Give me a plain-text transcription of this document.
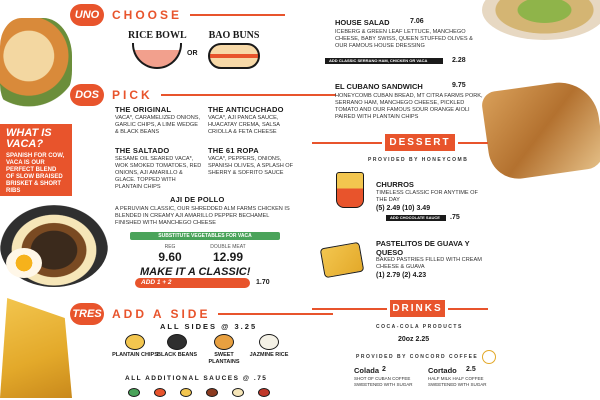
UNO	CHOOSE
RICE BOWL
OR
BAO BUNS
DOS	PICK
WHAT IS VACA?
SPANISH FOR COW, VACA IS OUR PERFECT BLEND OF SLOW BRAISED BRISKET & SHORT RIBS
THE ORIGINAL
VACA*, CARAMELIZED ONIONS, GARLIC CHIPS, A LIME WEDGE & BLACK BEANS
THE ANTICUCHADO
VACA*, AJI PANCA SAUCE, HUACATAY CREMA, SALSA CRIOLLA & FETA CHEESE
THE SALTADO
SESAME OIL SEARED VACA*, WOK SMOKED TOMATOES, RED ONIONS, AJI AMARILLO & GLACE. TOPPED WITH PLANTAIN CHIPS
THE 61 ROPA
VACA*, PEPPERS, ONIONS, SPANISH OLIVES, A SPLASH OF SHERRY & SOFRITO SAUCE
AJI DE POLLO
A PERUVIAN CLASSIC, OUR SHREDDED ALM FARMS CHICKEN IS BLENDED IN CREAMY AJI AMARILLO PEPPER BECHAMEL FINISHED WITH MANCHEGO CHEESE
SUBSTITUTE VEGETABLES FOR VACA
REG
9.60
DOUBLE MEAT
12.99
MAKE IT A CLASSIC!
ADD 1 + 2	1.70
TRES ADD A SIDE
ALL SIDES @ 3.25
PLANTAIN CHIPS BLACK BEANS	SWEET PLANTAINS
JAZMINE RICE
ALL ADDITIONAL SAUCES @ .75
HOUSE SALAD	7.06
ICEBERG & GREEN LEAF LETTUCE, MANCHEGO CHEESE, BABY SWISS, QUEEN STUFFED OLIVES & OUR FAMOUS HOUSE DRESSING
ADD CLASSIC SERRANO HAM, CHICKEN OR VACA	2.28
EL CUBANO SANDWICH	9.75
HONEYCOMB CUBAN BREAD, MT CITRA FARMS PORK, SERRANO HAM, MANCHEGO CHEESE, PICKLED TOMATO AND OUR FAMOUS SOUR ORANGE AIOLI PAIRED WITH PLANTAIN CHIPS
DESSERT
PROVIDED BY HONEYCOMB
CHURROS
TIMELESS CLASSIC FOR ANYTIME OF THE DAY
(5) 2.49 (10) 3.49
ADD CHOCOLATE SAUCE	.75
PASTELITOS DE GUAVA Y QUESO
BAKED PASTRIES FILLED WITH CREAM CHEESE & GUAVA
(1) 2.79 (2) 4.23
DRINKS
COCA-COLA PRODUCTS
20oz 2.25
PROVIDED BY CONCORD COFFEE
Colada 2
SHOT OF CUBAN COFFEE SWEETENED WITH SUGAR
Cortado 2.5
HALF MILK HALF COFFEE SWEETENED WITH SUGAR
